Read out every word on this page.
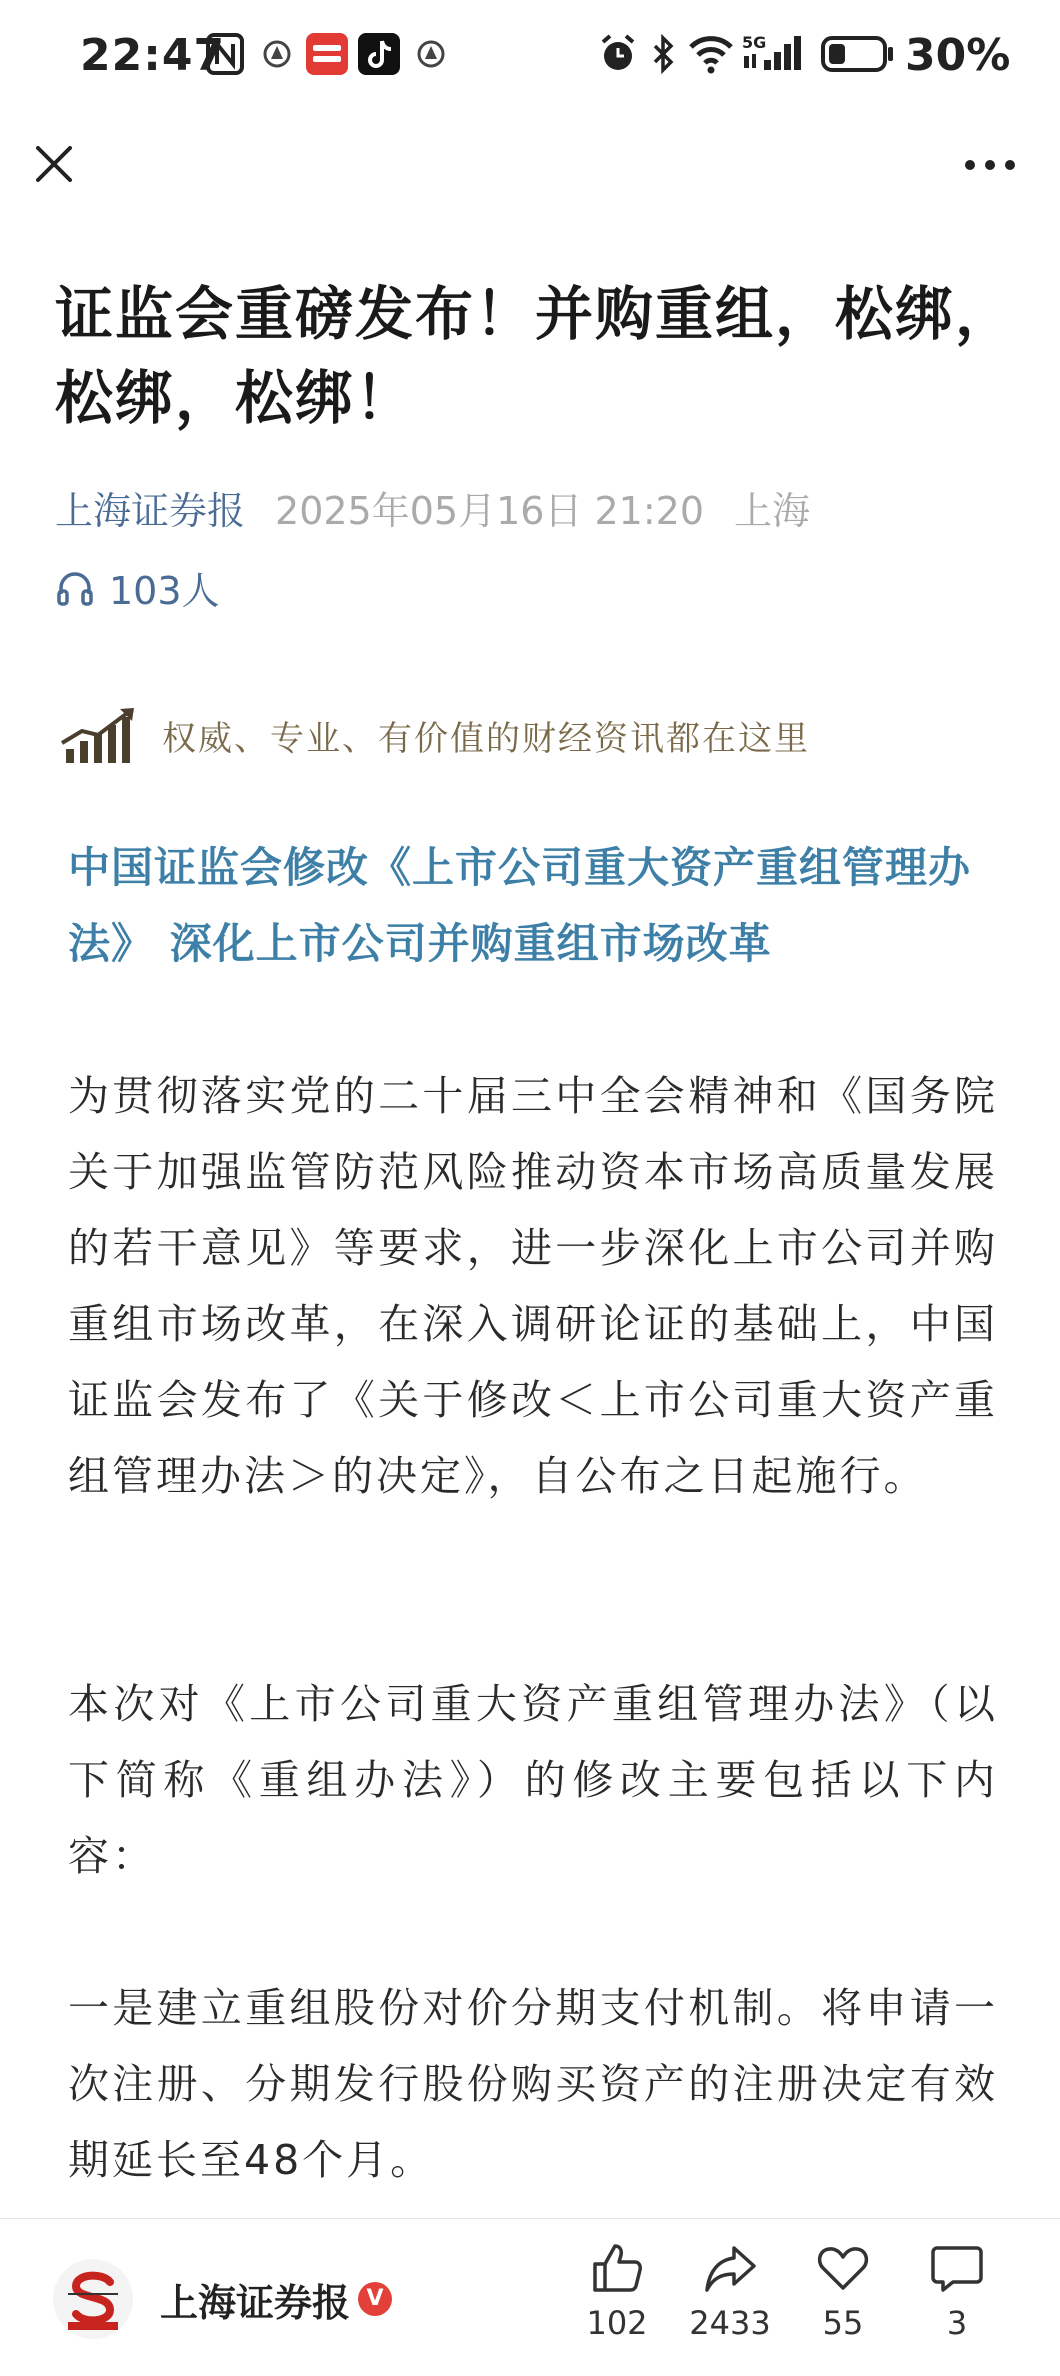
22:47	5G	30%
证监会重磅发布！并购重组，松绑，松绑，松绑！
上海证券报 2025年05月16日 21:20 上海
103人
权威、专业、有价值的财经资讯都在这里
中国证监会修改《上市公司重大资产重组管理办法》 深化上市公司并购重组市场改革
为贯彻落实党的二十届三中全会精神和《国务院关于加强监管防范风险推动资本市场高质量发展的若干意见》等要求，进一步深化上市公司并购重组市场改革，在深入调研论证的基础上，中国证监会发布了《关于修改＜上市公司重大资产重组管理办法＞的决定》，自公布之日起施行。
本次对《上市公司重大资产重组管理办法》（以下简称《重组办法》）的修改主要包括以下内容：
一是建立重组股份对价分期支付机制。将申请一次注册、分期发行股份购买资产的注册决定有效期延长至48个月。
上海证券报 V
102	2433	55	3
